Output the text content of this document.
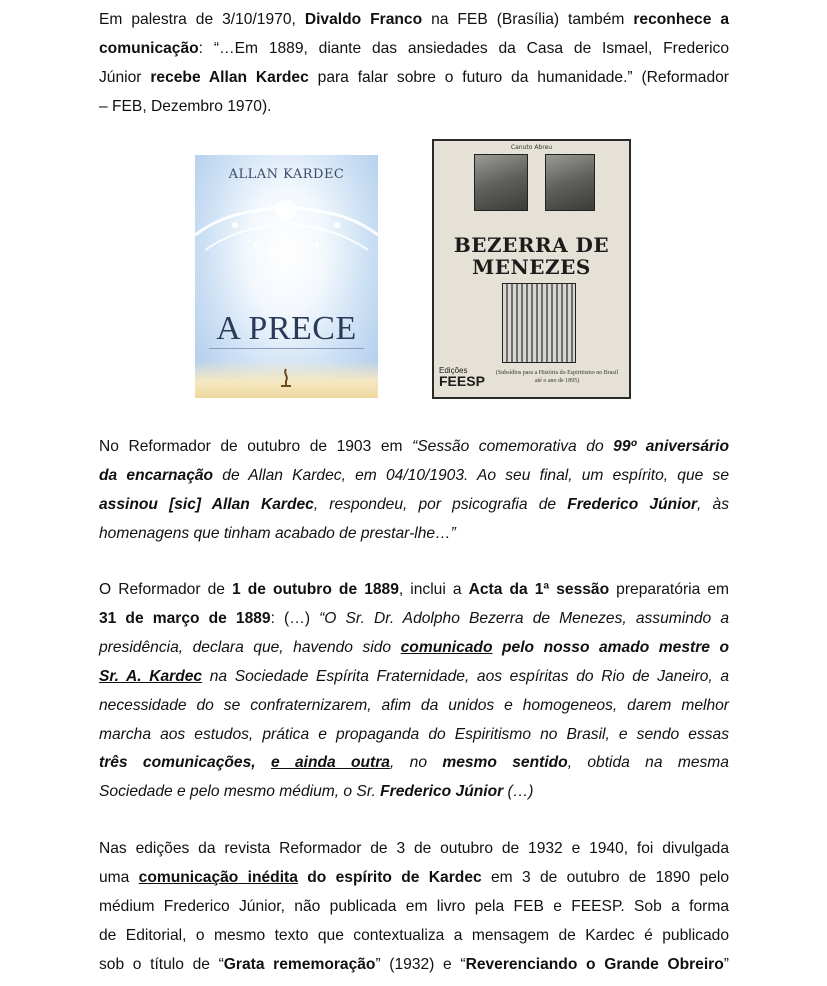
Em palestra de 3/10/1970, Divaldo Franco na FEB (Brasília) também reconhece a
comunicação: “…Em 1889, diante das ansiedades da Casa de Ismael, Frederico
Júnior recebe Allan Kardec para falar sobre o futuro da humanidade.” (Reformador
– FEB, Dezembro 1970).

ALLAN KARDEC
A PRECE
Canuto Abreu
BEZERRA DE
MENEZES
Edições
FEESP	(Subsídios para a História do Espiritismo no Brasil até o ano de 1895)

No Reformador de outubro de 1903 em “Sessão comemorativa do 99º aniversário
da encarnação de Allan Kardec, em 04/10/1903. Ao seu final, um espírito, que se
assinou [sic] Allan Kardec, respondeu, por psicografia de Frederico Júnior, às
homenagens que tinham acabado de prestar-lhe…”

O Reformador de 1 de outubro de 1889, inclui a Acta da 1ª sessão preparatória em
31 de março de 1889: (…) “O Sr. Dr. Adolpho Bezerra de Menezes, assumindo a
presidência, declara que, havendo sido comunicado pelo nosso amado mestre o
Sr. A. Kardec na Sociedade Espírita Fraternidade, aos espíritas do Rio de Janeiro, a
necessidade do se confraternizarem, afim da unidos e homogeneos, darem melhor
marcha aos estudos, prática e propaganda do Espiritismo no Brasil, e sendo essas
três comunicações, e ainda outra, no mesmo sentido, obtida na mesma
Sociedade e pelo mesmo médium, o Sr. Frederico Júnior (…)

Nas edições da revista Reformador de 3 de outubro de 1932 e 1940, foi divulgada
uma comunicação inédita do espírito de Kardec em 3 de outubro de 1890 pelo
médium Frederico Júnior, não publicada em livro pela FEB e FEESP. Sob a forma
de Editorial, o mesmo texto que contextualiza a mensagem de Kardec é publicado
sob o título de “Grata rememoração” (1932) e “Reverenciando o Grande Obreiro”
